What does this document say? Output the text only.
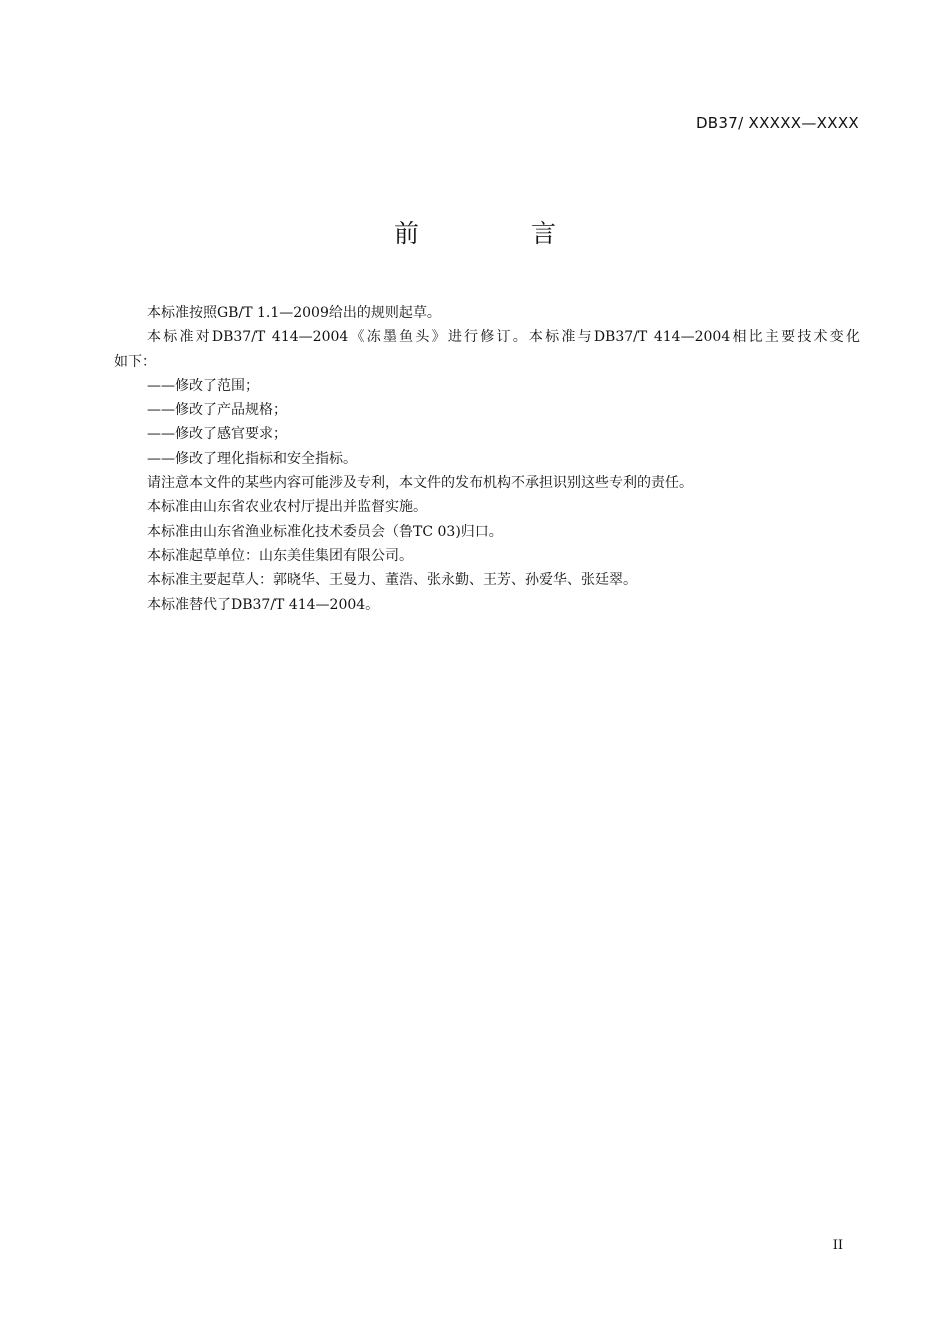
DB37/ XXXXX—XXXX
前 言

本标准按照GB/T 1.1—2009给出的规则起草。

本标准对DB37/T 414—2004《冻墨鱼头》进行修订。本标准与DB37/T 414—2004相比主要技术变化

如下：

——修改了范围；

——修改了产品规格；

——修改了感官要求；

——修改了理化指标和安全指标。

请注意本文件的某些内容可能涉及专利，本文件的发布机构不承担识别这些专利的责任。

本标准由山东省农业农村厅提出并监督实施。

本标准由山东省渔业标准化技术委员会（鲁TC 03)归口。

本标准起草单位：山东美佳集团有限公司。

本标准主要起草人：郭晓华、王曼力、董浩、张永勤、王芳、孙爱华、张廷翠。

本标准替代了DB37/T 414—2004。

II
